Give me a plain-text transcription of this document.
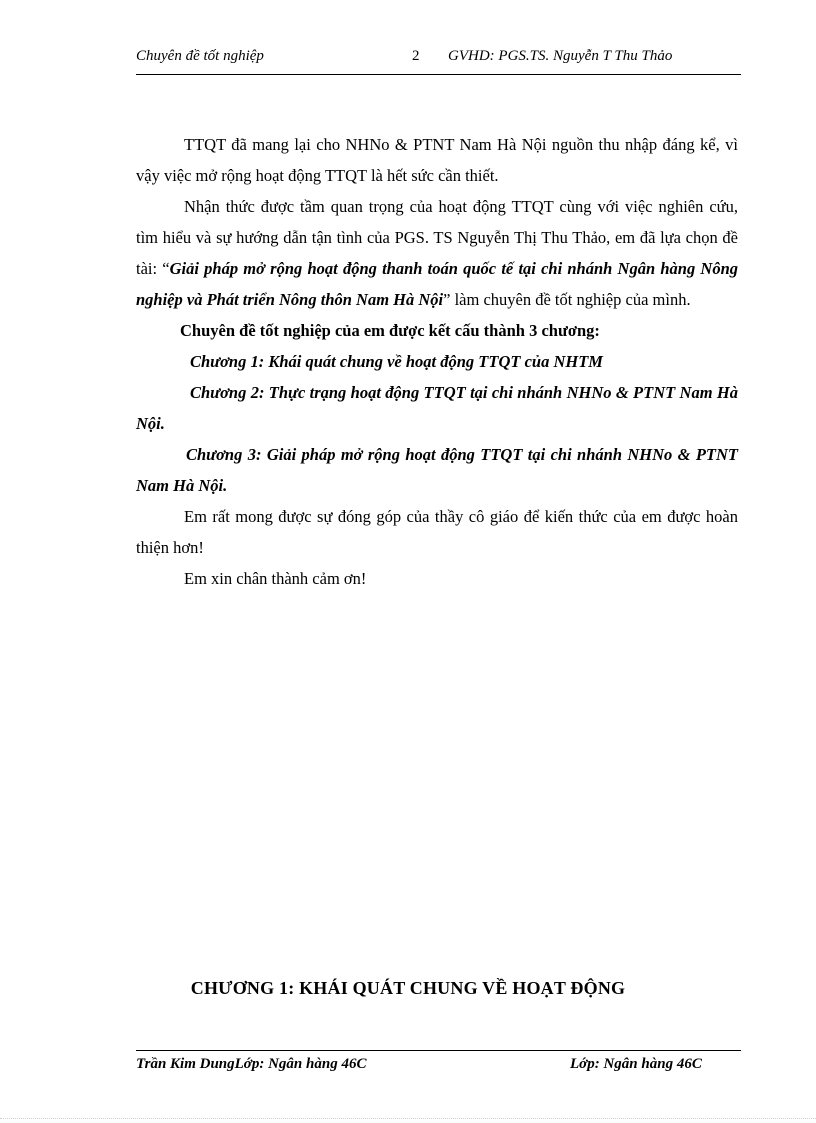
Chuyên đề tốt nghiệp	2 GVHD: PGS.TS. Nguyễn T Thu Thảo

TTQT đã mang lại cho NHNo & PTNT Nam Hà Nội nguồn thu nhập đáng kể, vì vậy việc mở rộng hoạt động TTQT là hết sức cần thiết.

Nhận thức được tầm quan trọng của hoạt động TTQT cùng với việc nghiên cứu, tìm hiểu và sự hướng dẫn tận tình của PGS. TS Nguyễn Thị Thu Thảo, em đã lựa chọn đề tài: “Giải pháp mở rộng hoạt động thanh toán quốc tế tại chi nhánh Ngân hàng Nông nghiệp và Phát triển Nông thôn Nam Hà Nội” làm chuyên đề tốt nghiệp của mình.

Chuyên đề tốt nghiệp của em được kết cấu thành 3 chương:

Chương 1: Khái quát chung về hoạt động TTQT của NHTM

Chương 2: Thực trạng hoạt động TTQT tại chi nhánh NHNo & PTNT Nam Hà Nội.

Chương 3: Giải pháp mở rộng hoạt động TTQT tại chi nhánh NHNo & PTNT Nam Hà Nội.

Em rất mong được sự đóng góp của thầy cô giáo để kiến thức của em được hoàn thiện hơn!

Em xin chân thành cảm ơn!

CHƯƠNG 1: KHÁI QUÁT CHUNG VỀ HOẠT ĐỘNG
Trần Kim DungLớp: Ngân hàng 46C	Lớp: Ngân hàng 46C
